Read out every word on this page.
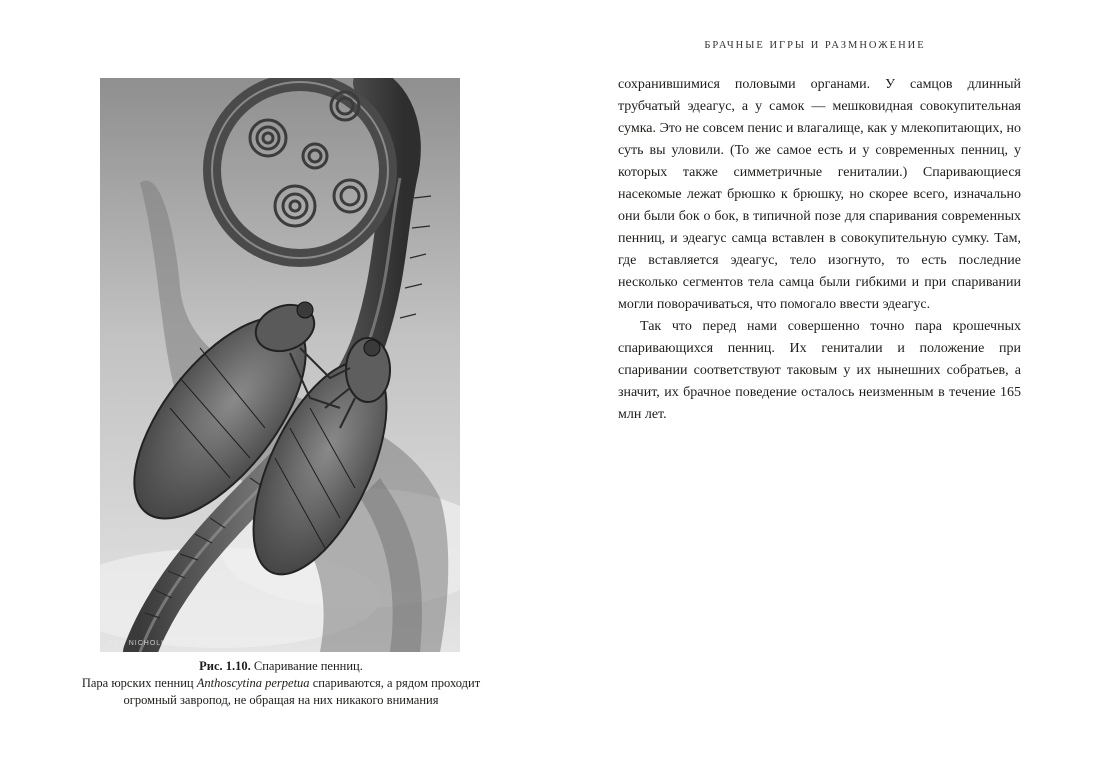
BOB NICHOLLS 2020
Рис. 1.10. Спаривание пенниц.
Пара юрских пенниц Anthoscytina perpetua спариваются, а рядом проходит
огромный завропод, не обращая на них никакого внимания
БРАЧНЫЕ ИГРЫ И РАЗМНОЖЕНИЕ

сохранившимися половыми органами. У самцов длинный трубчатый эдеагус, а у самок — мешковидная совокупительная сумка. Это не совсем пенис и влагалище, как у млекопитающих, но суть вы уловили. (То же самое есть и у современных пенниц, у которых также симметричные гениталии.) Спаривающиеся насекомые лежат брюшко к брюшку, но скорее всего, изначально они были бок о бок, в типичной позе для спаривания современных пенниц, и эдеагус самца вставлен в совокупительную сумку. Там, где вставляется эдеагус, тело изогнуто, то есть последние несколько сегментов тела самца были гибкими и при спаривании могли поворачиваться, что помогало ввести эдеагус.

Так что перед нами совершенно точно пара крошечных спаривающихся пенниц. Их гениталии и положение при спаривании соответствуют таковым у их нынешних собратьев, а значит, их брачное поведение осталось неизменным в течение 165 млн лет.
